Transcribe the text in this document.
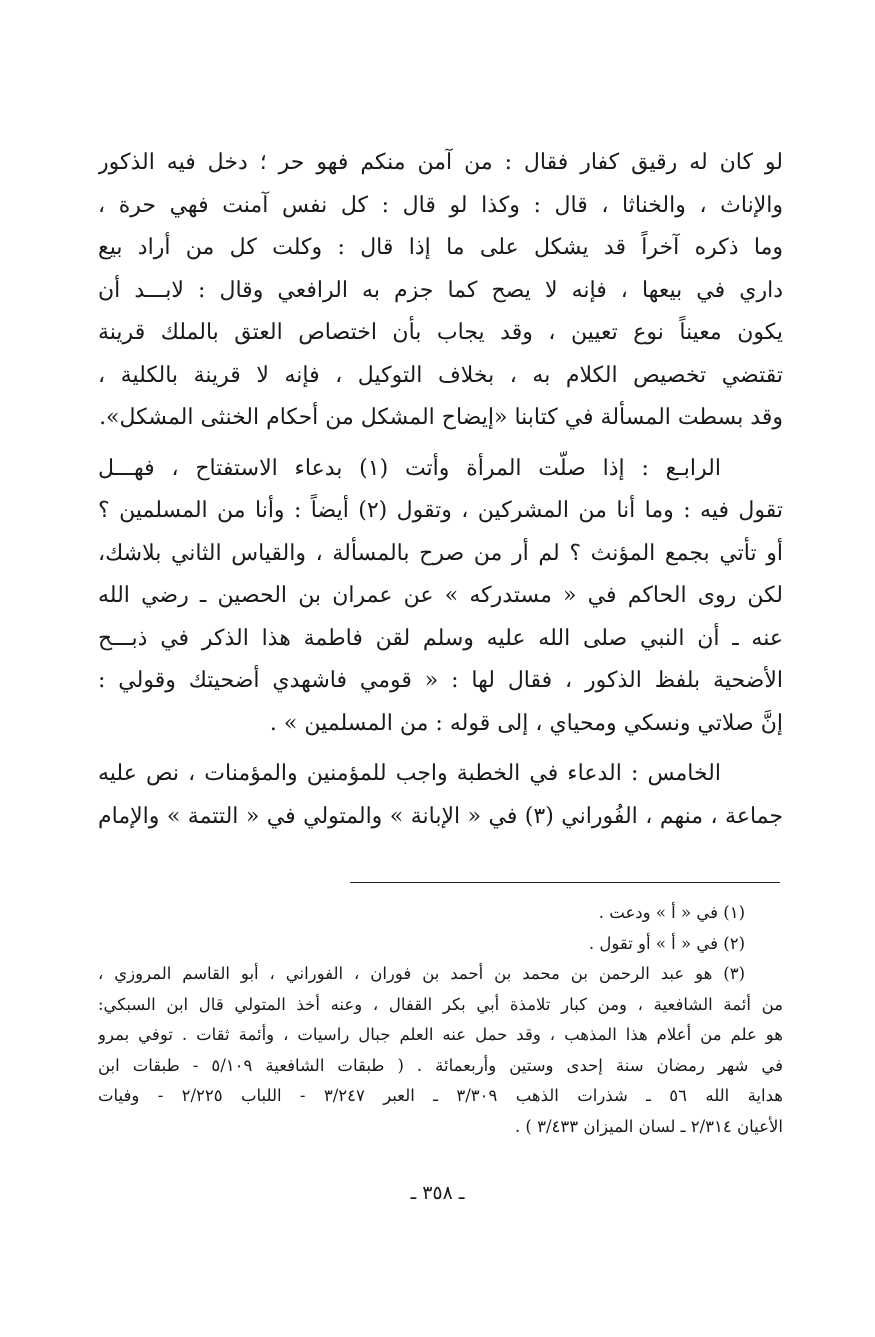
لو كان له رقيق كفار فقال : من آمن منكم فهو حر ؛ دخل فيه الذكور
والإناث ، والخناثا ، قال : وكذا لو قال : كل نفس آمنت فهي حرة ،
وما ذكره آخراً قد يشكل على ما إذا قال : وكلت كل من أراد بيع
داري في بيعها ، فإنه لا يصح كما جزم به الرافعي وقال : لابـــد أن
يكون معيناً نوع تعيين ، وقد يجاب بأن اختصاص العتق بالملك قرينة
تقتضي تخصيص الكلام به ، بخلاف التوكيل ، فإنه لا قرينة بالكلية ،
وقد بسطت المسألة في كتابنا «إيضاح المشكل من أحكام الخنثى المشكل».

الرابـع : إذا صلّت المرأة وأتت (١) بدعاء الاستفتاح ، فهـــل
تقول فيه : وما أنا من المشركين ، وتقول (٢) أيضاً : وأنا من المسلمين ؟
أو تأتي بجمع المؤنث ؟ لم أر من صرح بالمسألة ، والقياس الثاني بلاشك،
لكن روى الحاكم في « مستدركه » عن عمران بن الحصين ـ رضي الله
عنه ـ أن النبي صلى الله عليه وسلم لقن فاطمة هذا الذكر في ذبـــح
الأضحية بلفظ الذكور ، فقال لها : « قومي فاشهدي أضحيتك وقولي :
إنَّ صلاتي ونسكي ومحياي ، إلى قوله : من المسلمين » .

الخامس : الدعاء في الخطبة واجب للمؤمنين والمؤمنات ، نص عليه
جماعة ، منهم ، الفُوراني (٣) في « الإبانة » والمتولي في « التتمة » والإمام

(١) في « أ » ودعت .
(٢) في « أ » أو تقول .
(٣) هو عبد الرحمن بن محمد بن أحمد بن فوران ، الفوراني ، أبو القاسم المروزي ،
من أئمة الشافعية ، ومن كبار تلامذة أبي بكر القفال ، وعنه أخذ المتولي قال ابن السبكي:
هو علم من أعلام هذا المذهب ، وقد حمل عنه العلم جبال راسيات ، وأئمة ثقات . توفي بمرو
في شهر رمضان سنة إحدى وستين وأربعمائة . ( طبقات الشافعية ٥/١٠٩ - طبقات ابن
هداية الله ٥٦ ـ شذرات الذهب ٣/٣٠٩ ـ العبر ٣/٢٤٧ - اللباب ٢/٢٢٥ - وفيات
الأعيان ٢/٣١٤ ـ لسان الميزان ٣/٤٣٣ ) .
ـ ٣٥٨ ـ
